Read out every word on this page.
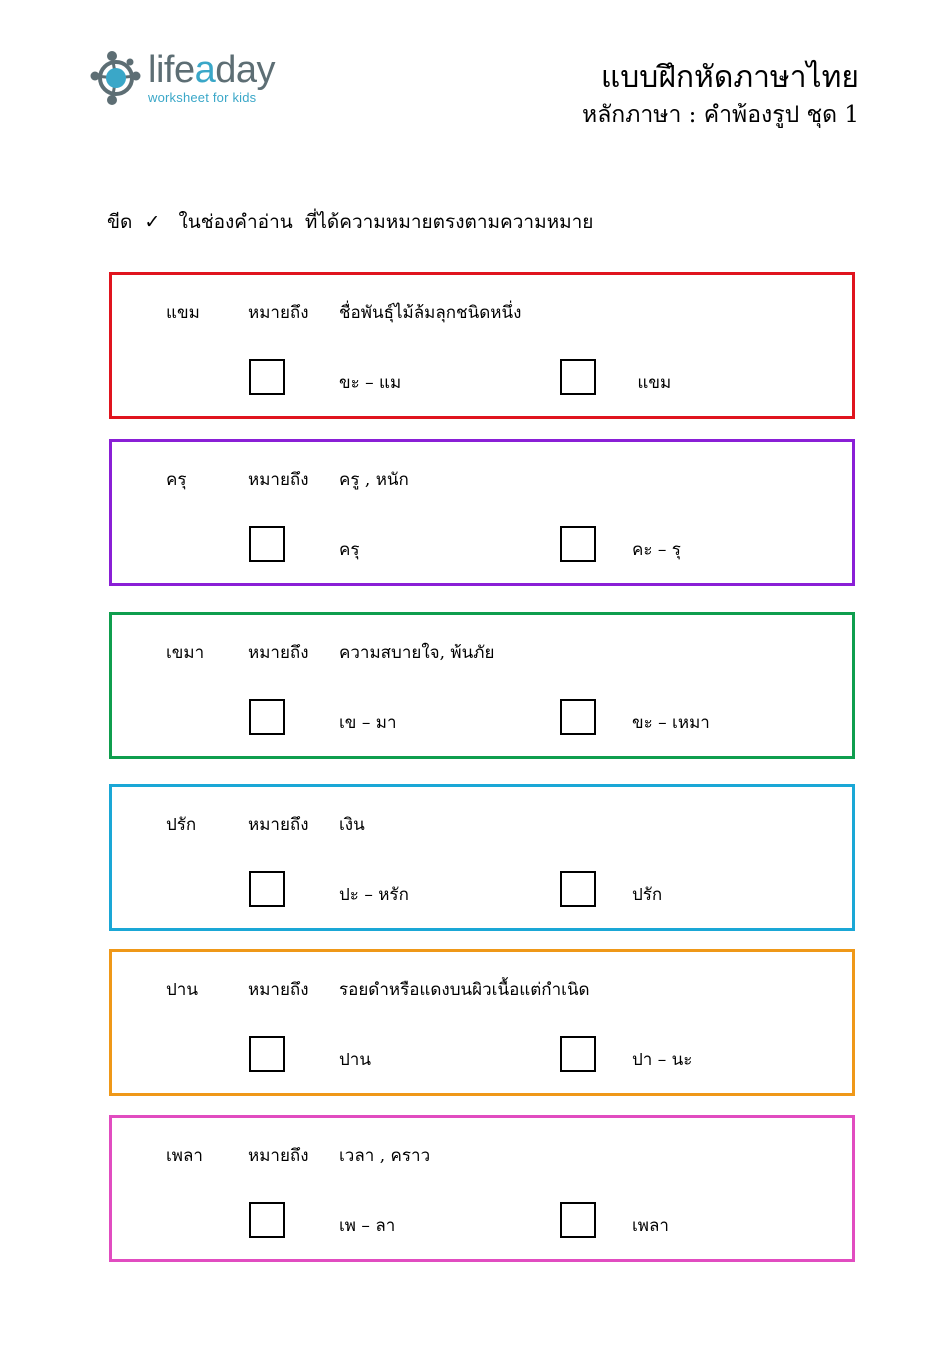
lifeaday
worksheet for kids
แบบฝึกหัดภาษาไทย
หลักภาษา : คำพ้องรูป ชุด 1
ขีด  ✓   ในช่องคำอ่าน  ที่ได้ความหมายตรงตามความหมาย
แขม	หมายถึง ชื่อพันธุ์ไม้ล้มลุกชนิดหนึ่ง
ขะ – แม	แขม
ครุ	หมายถึง ครู , หนัก
ครุ	คะ – รุ
เขมา	หมายถึง ความสบายใจ, พ้นภัย
เข – มา	ขะ – เหมา
ปรัก	หมายถึง เงิน
ปะ – หรัก	ปรัก
ปาน	หมายถึง รอยดำหรือแดงบนผิวเนื้อแต่กำเนิด
ปาน	ปา – นะ
เพลา	หมายถึง เวลา , คราว
เพ – ลา	เพลา
